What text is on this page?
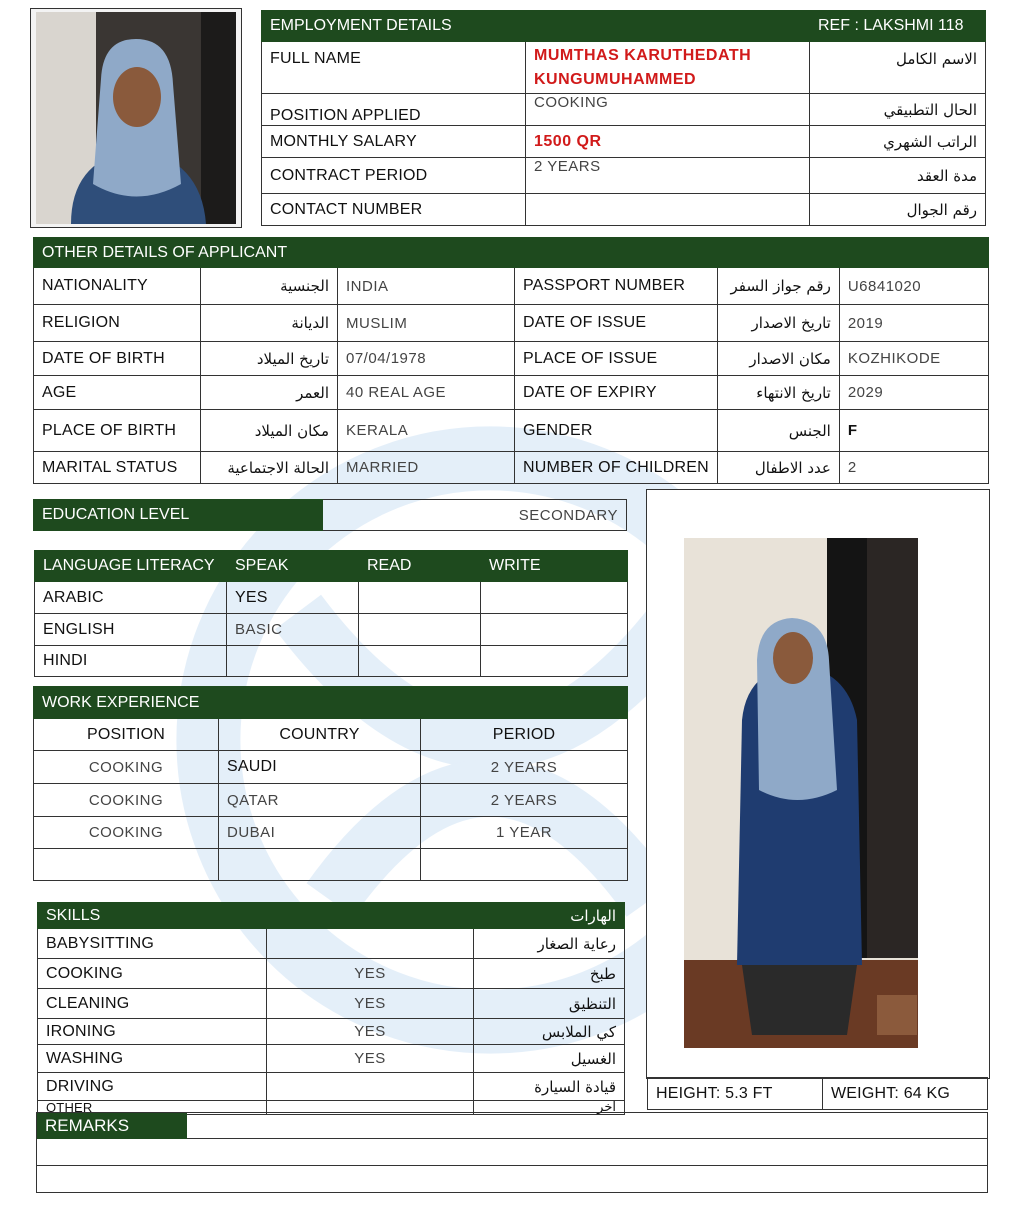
EMPLOYMENT DETAILS		REF : LAKSHMI 118
FULL NAME	MUMTHAS KARUTHEDATH
KUNGUMUHAMMED	الاسم الكامل
POSITION APPLIED	COOKING	الحال التطبيقي
MONTHLY SALARY	1500 QR	الراتب الشهري
CONTRACT PERIOD	2 YEARS	مدة العقد
CONTACT NUMBER		رقم الجوال
OTHER DETAILS OF APPLICANT					
NATIONALITY	الجنسية	INDIA	PASSPORT NUMBER	رقم جواز السفر	U6841020
RELIGION	الديانة	MUSLIM	DATE OF ISSUE	تاريخ الاصدار	2019
DATE OF BIRTH	تاريخ الميلاد	07/04/1978	PLACE OF ISSUE	مكان الاصدار	KOZHIKODE
AGE	العمر	40 REAL AGE	DATE OF EXPIRY	تاريخ الانتهاء	2029
PLACE OF BIRTH	مكان الميلاد	KERALA	GENDER	الجنس	F
MARITAL STATUS	الحالة الاجتماعية	MARRIED	NUMBER OF CHILDREN	عدد الاطفال	2
EDUCATION LEVEL	SECONDARY
LANGUAGE LITERACY	SPEAK	READ	WRITE
ARABIC	YES		
ENGLISH	BASIC		
HINDI			
WORK EXPERIENCE		
POSITION	COUNTRY	PERIOD
COOKING	SAUDI	2 YEARS
COOKING	QATAR	2 YEARS
COOKING	DUBAI	1 YEAR

SKILLS		الهارات
BABYSITTING		رعاية الصغار
COOKING	YES	طبخ
CLEANING	YES	التنظيق
IRONING	YES	كي الملابس
WASHING	YES	الغسيل
DRIVING		قيادة السيارة
OTHER		اخر
REMARKS
HEIGHT: 5.3 FT	WEIGHT: 64 KG
